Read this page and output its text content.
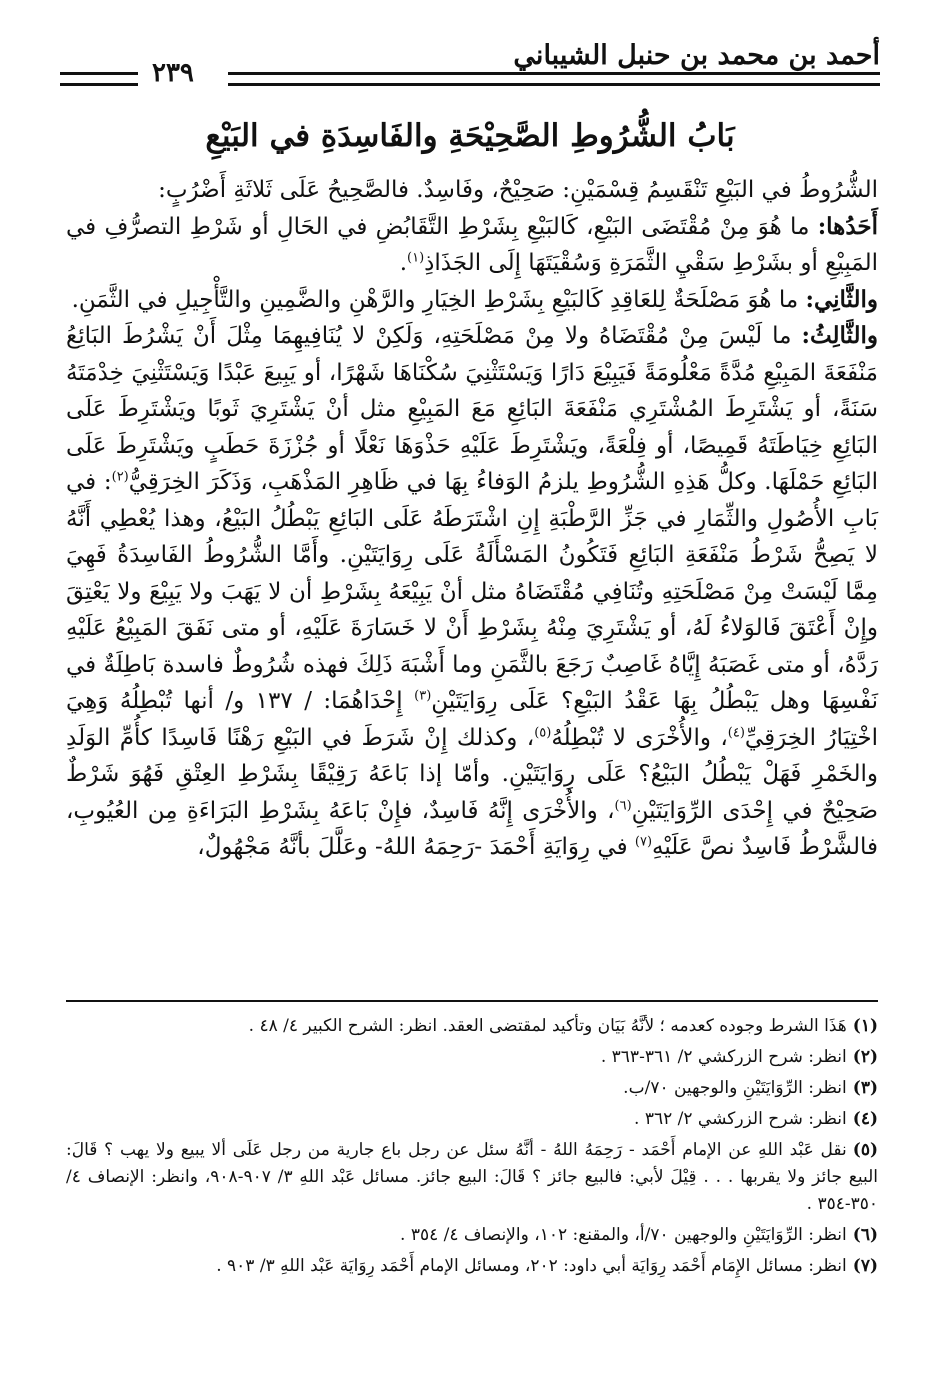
٢٣٩
أحمد بن محمد بن حنبل الشيباني
بَابُ الشُّرُوطِ الصَّحِيْحَةِ والفَاسِدَةِ في البَيْعِ

الشُّرُوطُ في البَيْعِ تَنْقَسِمُ قِسْمَيْنِ: صَحِيْحٌ، وفَاسِدٌ. فالصَّحِيحُ عَلَى ثَلاثَةِ أَضْرُبٍ:

أَحَدُها: ما هُوَ مِنْ مُقْتَضَى البَيْعِ، كَالبَيْعِ بِشَرْطِ التَّقَابُضِ في الحَالِ أو شَرْطِ التصرُّفِ في المَبِيْعِ أو بشَرْطِ سَقْيِ الثَّمَرَةِ وَسُقْيَتَهَا إِلَى الجَذَاذِ$^{(١)}$.

والثَّانِي: ما هُوَ مَصْلَحَةٌ لِلعَاقِدِ كَالبَيْعِ بِشَرْطِ الخِيَارِ والرَّهْنِ والضَّمِينِ والتَّأْجِيلِ في الثَّمَنِ.

والثَّالِثُ: ما لَيْسَ مِنْ مُقْتَضَاهُ ولا مِنْ مَصْلَحَتِهِ، وَلَكِنْ لا يُنَافِيهِمَا مِثْلَ أَنْ يَشْرُطَ البَائِعُ مَنْفَعَةَ المَبِيْعِ مُدَّةً مَعْلُومَةً فَيَبِيْعَ دَارًا وَيَسْتَثْنِيَ سُكْنَاهَا شَهْرًا، أو يَبِيعَ عَبْدًا وَيَسْتَثْنِيَ خِدْمَتَهُ سَنَةً، أو يَشْتَرِطَ المُشْتَرِي مَنْفَعَةَ البَائِعِ مَعَ المَبِيْعِ مثل أنْ يَشْتَرِيَ ثَوبًا ويَشْتَرِطَ عَلَى البَائِعِ خِيَاطَتَهُ قَمِيصًا، أو فِلْعَةً، ويَشْتَرِطَ عَلَيْهِ حَذْوَهَا نَعْلًا أو جُزْزَةَ حَطَبٍ ويَشْتَرِطَ عَلَى البَائِعِ حَمْلَهَا. وكلُّ هَذِهِ الشُّرُوطِ يلزمُ الوَفاءُ بِهَا في ظَاهِرِ المَذْهَبِ، وَذَكَرَ الخِرَقِيُّ$^{(٢)}$: في بَابِ الأُصُولِ والثِّمَارِ في جَزِّ الرَّطْبَةِ إِنِ اشْتَرَطَهُ عَلَى البَائِعِ يَبْطُلُ البَيْعُ، وهذا يُعْطِي أَنَّهُ لا يَصِحُّ شَرْطُ مَنْفَعَةِ البَائِعِ فَتَكُونُ المَسْأَلَةُ عَلَى رِوَايَتَيْنِ. وأَمَّا الشُّرُوطُ الفَاسِدَةُ فَهِيَ مِمَّا لَيْسَتْ مِنْ مَصْلَحَتِهِ وتُنَافِي مُقْتَضَاهُ مثل أنْ يَبِيْعَهُ بِشَرْطِ أن لا يَهَبَ ولا يَبِيْعَ ولا يَعْتِقَ وإِنْ أَعْتَقَ فَالوَلاءُ لَهُ، أو يَشْتَرِيَ مِنْهُ بِشَرْطِ أَنْ لا خَسَارَةَ عَلَيْهِ، أو متى نَفَقَ المَبِيْعُ عَلَيْهِ رَدَّهُ، أو متى غَصَبَهُ إِيَّاهُ غَاصِبٌ رَجَعَ بالثَّمَنِ وما أَشْبَهَ ذَلِكَ فهذه شُرُوطٌ فاسدة بَاطِلَةٌ في نَفْسِهَا وهل يَبْطُلُ بِهَا عَقْدُ البَيْعِ؟ عَلَى رِوَايَتَيْنِ$^{(٣)}$ إِحْدَاهُمَا: / ١٣٧ و/ أنها تُبْطِلُهُ وَهِيَ اخْتِيَارُ الخِرَقِيِّ$^{(٤)}$، والأُخْرَى لا تُبْطِلُهُ$^{(٥)}$، وكذلك إِنْ شَرَطَ في البَيْعِ رَهْنًا فَاسِدًا كأُمِّ الوَلَدِ والخَمْرِ فَهَلْ يَبْطُلُ البَيْعُ؟ عَلَى رِوَايَتَيْنِ. وأمّا إذا بَاعَهُ رَقِيْقًا بِشَرْطِ العِتْقِ فَهُوَ شَرْطٌ صَحِيْحٌ في إِحْدَى الرِّوَايَتَيْنِ$^{(٦)}$، والأُخْرَى إِنَّهُ فَاسِدٌ، فإِنْ بَاعَهُ بِشَرْطِ البَرَاءَةِ مِن العُيُوبِ، فالشَّرْطُ فَاسِدٌ نصَّ عَلَيْهِ$^{(٧)}$ في رِوَايَةِ أَحْمَدَ -رَحِمَهُ اللهُ- وعَلَّلَ بأنَّهُ مَجْهُولٌ،

(١)هَذَا الشرط وجوده كعدمه ؛ لأنَّهُ بَيَان وتأكيد لمقتضى العقد. انظر: الشرح الكبير ٤/ ٤٨ .

(٢)انظر: شرح الزركشي ٢/ ٣٦١-٣٦٣ .

(٣)انظر: الرِّوَايَتَيْنِ والوجهين ٧٠/ب.

(٤)انظر: شرح الزركشي ٢/ ٣٦٢ .

(٥)نقل عَبْد اللهِ عن الإمام أَحْمَد - رَحِمَهُ اللهُ - أنَّهُ سئل عن رجل باع جارية من رجل عَلَى ألا يبيع ولا يهب ؟ قَالَ: البيع جائز ولا يقربها . . . قِيْلَ لأبي: فالبيع جائز ؟ قَالَ: البيع جائز. مسائل عَبْد اللهِ ٣/ ٩٠٧-٩٠٨، وانظر: الإنصاف ٤/ ٣٥٠-٣٥٤ .

(٦)انظر: الرِّوَايَتَيْنِ والوجهين ٧٠/أ، والمقنع: ١٠٢، والإنصاف ٤/ ٣٥٤ .

(٧)انظر: مسائل الإِمَام أَحْمَد رِوَايَة أبي داود: ٢٠٢، ومسائل الإمام أَحْمَد رِوَايَة عَبْد اللهِ ٣/ ٩٠٣ .
